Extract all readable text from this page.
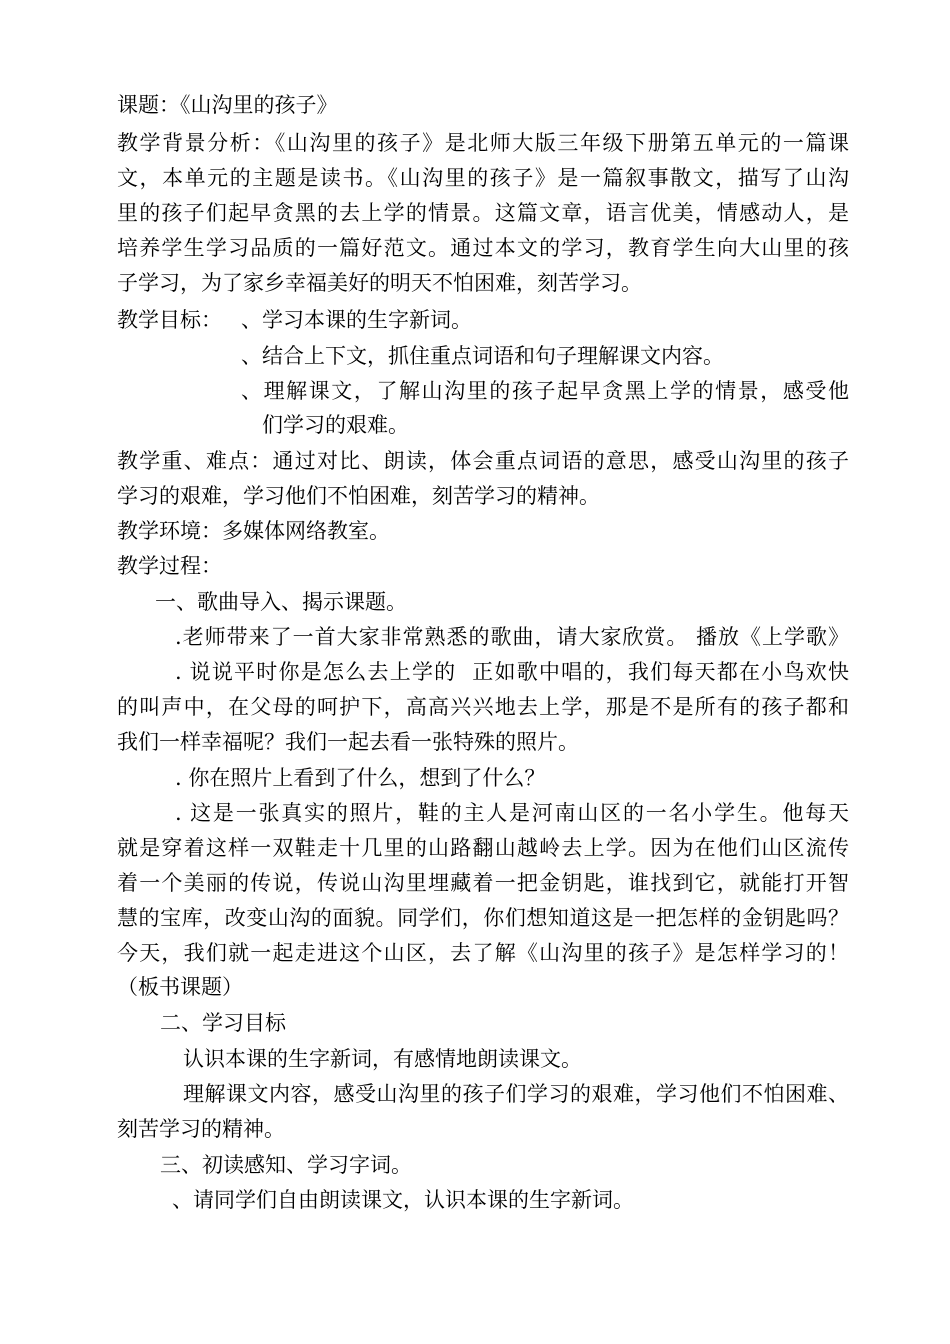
课题：《山沟里的孩子》
教学背景分析：《山沟里的孩子》是北师大版三年级下册第五单元的一篇课
文，本单元的主题是读书。《山沟里的孩子》是一篇叙事散文，描写了山沟
里的孩子们起早贪黑的去上学的情景。这篇文章，语言优美，情感动人，是
培养学生学习品质的一篇好范文。通过本文的学习，教育学生向大山里的孩
子学习，为了家乡幸福美好的明天不怕困难，刻苦学习。
教学目标： 、学习本课的生字新词。
、结合上下文，抓住重点词语和句子理解课文内容。
、理解课文，了解山沟里的孩子起早贪黑上学的情景，感受他
们学习的艰难。
教学重、难点：通过对比、朗读，体会重点词语的意思，感受山沟里的孩子
学习的艰难，学习他们不怕困难，刻苦学习的精神。
教学环境：多媒体网络教室。
教学过程：
一、歌曲导入、揭示课题。
.老师带来了一首大家非常熟悉的歌曲，请大家欣赏。 播放《上学歌》
. 说说平时你是怎么去上学的  正如歌中唱的，我们每天都在小鸟欢快
的叫声中，在父母的呵护下，高高兴兴地去上学，那是不是所有的孩子都和
我们一样幸福呢？我们一起去看一张特殊的照片。
. 你在照片上看到了什么，想到了什么？
. 这是一张真实的照片，鞋的主人是河南山区的一名小学生。他每天
就是穿着这样一双鞋走十几里的山路翻山越岭去上学。因为在他们山区流传
着一个美丽的传说，传说山沟里埋藏着一把金钥匙，谁找到它，就能打开智
慧的宝库，改变山沟的面貌。同学们，你们想知道这是一把怎样的金钥匙吗？
今天，我们就一起走进这个山区，去了解《山沟里的孩子》是怎样学习的！
（板书课题）
二、学习目标
认识本课的生字新词，有感情地朗读课文。
理解课文内容，感受山沟里的孩子们学习的艰难，学习他们不怕困难、
刻苦学习的精神。
三、初读感知、学习字词。
、请同学们自由朗读课文，认识本课的生字新词。
